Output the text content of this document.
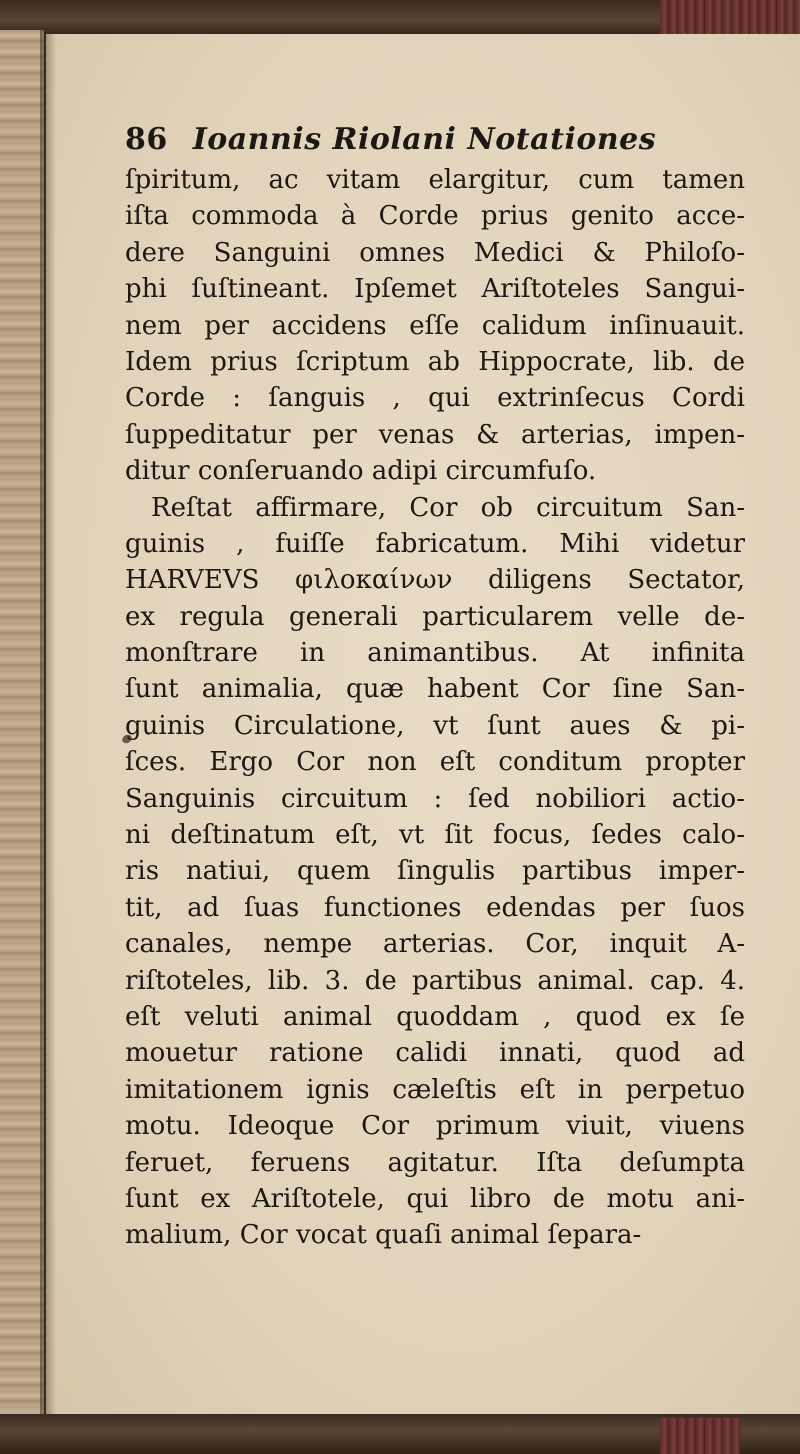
86 Ioannis Riolani Notationes
ſpiritum, ac vitam elargitur, cum tamen
iſta commoda à Corde prius genito acce-
dere Sanguini omnes Medici & Philoſo-
phi ſuſtineant. Ipſemet Ariſtoteles Sangui-
nem per accidens eſſe calidum inſinuauit.
Idem prius ſcriptum ab Hippocrate, lib. de
Corde : ſanguis , qui extrinſecus Cordi
ſuppeditatur per venas & arterias, impen-
ditur conſeruando adipi circumfuſo.
Reſtat affirmare, Cor ob circuitum San-
guinis , fuiſſe fabricatum. Mihi videtur
HARVEVS φιλοκαίνων diligens Sectator,
ex regula generali particularem velle de-
monſtrare in animantibus. At infinita
ſunt animalia, quæ habent Cor ſine San-
guinis Circulatione, vt ſunt aues & pi-
ſces. Ergo Cor non eſt conditum propter
Sanguinis circuitum : ſed nobiliori actio-
ni deſtinatum eſt, vt ſit focus, ſedes calo-
ris natiui, quem ſingulis partibus imper-
tit, ad ſuas functiones edendas per ſuos
canales, nempe arterias. Cor, inquit A-
riſtoteles, lib. 3. de partibus animal. cap. 4.
eſt veluti animal quoddam , quod ex ſe
mouetur ratione calidi innati, quod ad
imitationem ignis cæleſtis eſt in perpetuo
motu. Ideoque Cor primum viuit, viuens
feruet, feruens agitatur. Iſta deſumpta
ſunt ex Ariſtotele, qui libro de motu ani-
malium, Cor vocat quaſi animal ſepara-
